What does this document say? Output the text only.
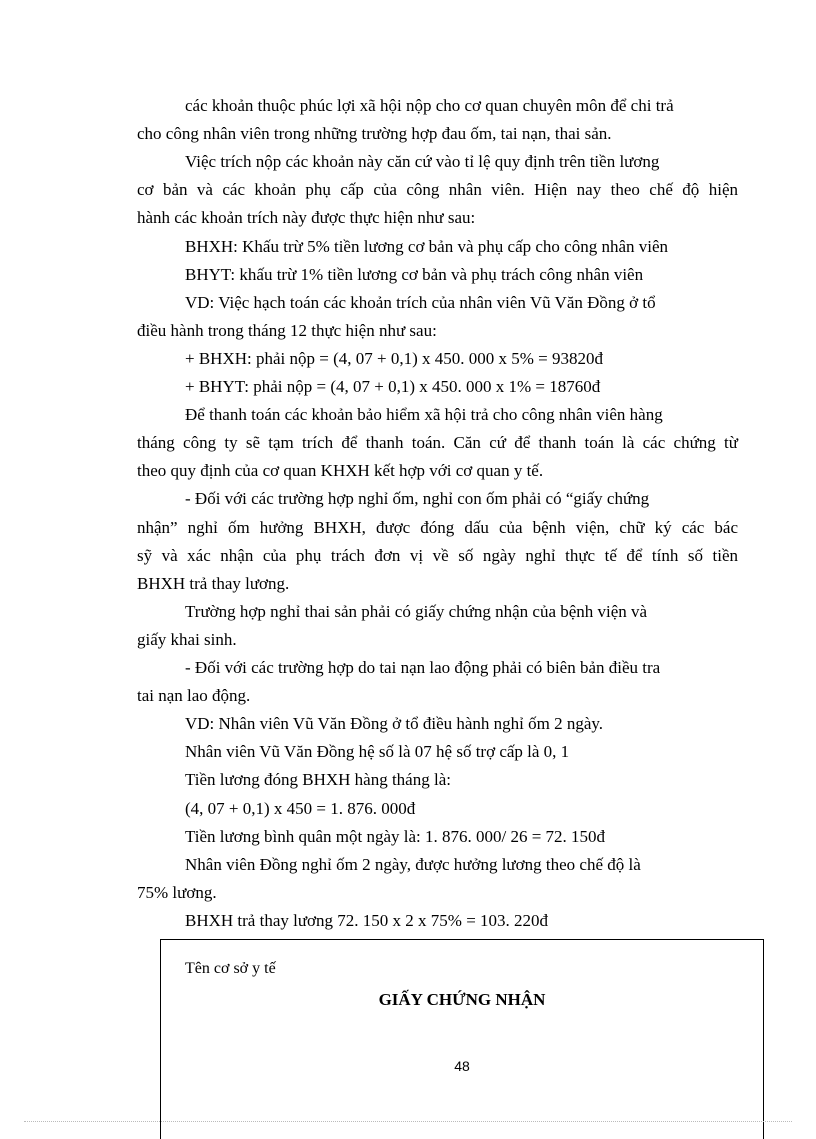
các khoản thuộc phúc lợi xã hội nộp cho cơ quan chuyên môn để chi trả
cho công nhân viên trong những trường hợp đau ốm, tai nạn, thai sản.
Việc trích nộp các khoản này căn cứ vào tỉ lệ quy định trên tiền lương
cơ bản và các khoản phụ cấp của công nhân viên. Hiện nay theo chế độ hiện
hành các khoản trích này được thực hiện như sau:
BHXH: Khấu trừ 5% tiền lương cơ bản và phụ cấp cho công nhân viên
BHYT: khấu trừ 1% tiền lương cơ bản và phụ trách công nhân viên
VD: Việc hạch toán các khoản trích của nhân viên Vũ Văn Đồng ở tổ
điều hành trong tháng 12 thực hiện như sau:
+ BHXH: phải nộp = (4, 07 + 0,1) x 450. 000 x 5% = 93820đ
+ BHYT: phải nộp = (4, 07 + 0,1) x 450. 000 x 1% = 18760đ
Để thanh toán các khoản bảo hiểm xã hội trả cho công nhân viên hàng
tháng công ty sẽ tạm trích để thanh toán. Căn cứ để thanh toán là các chứng từ
theo quy định của cơ quan KHXH kết hợp với cơ quan y tế.
- Đối với các trường hợp nghỉ ốm, nghỉ con ốm phải có “giấy chứng
nhận” nghỉ ốm hưởng BHXH, được đóng dấu của bệnh viện, chữ ký các bác
sỹ và xác nhận của phụ trách đơn vị về số ngày nghỉ thực tế để tính số tiền
BHXH trả thay lương.
Trường hợp nghỉ thai sản phải có giấy chứng nhận của bệnh viện và
giấy khai sinh.
- Đối với các trường hợp do tai nạn lao động phải có biên bản điều tra
tai nạn lao động.
VD: Nhân viên Vũ Văn Đồng ở tổ điều hành nghỉ ốm 2 ngày.
Nhân viên Vũ Văn Đồng hệ số là 07 hệ số trợ cấp là 0, 1
Tiền lương đóng BHXH hàng tháng là:
(4, 07 + 0,1) x 450 = 1. 876. 000đ
Tiền lương bình quân một ngày là: 1. 876. 000/ 26 = 72. 150đ
Nhân viên Đồng nghỉ ốm 2 ngày, được hưởng lương theo chế độ là
75% lương.
BHXH trả thay lương 72. 150 x 2 x 75% = 103. 220đ
Tên cơ sở y tế
GIẤY CHỨNG NHẬN
48
